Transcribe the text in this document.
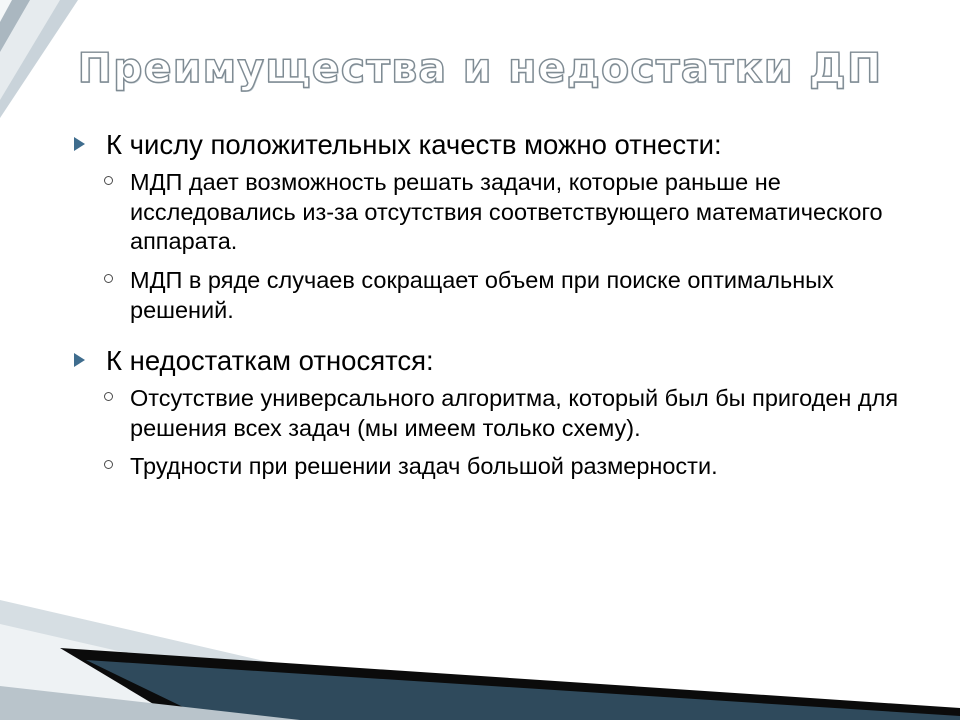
Преимущества и недостатки ДП
К числу положительных качеств можно отнести:
МДП дает возможность решать задачи, которые раньше не исследовались из-за отсутствия соответствующего математического аппарата.
МДП в ряде случаев сокращает объем при поиске оптимальных решений.
К недостаткам относятся:
Отсутствие универсального алгоритма, который был бы пригоден для решения всех задач (мы имеем только схему).
Трудности при решении задач большой размерности.
